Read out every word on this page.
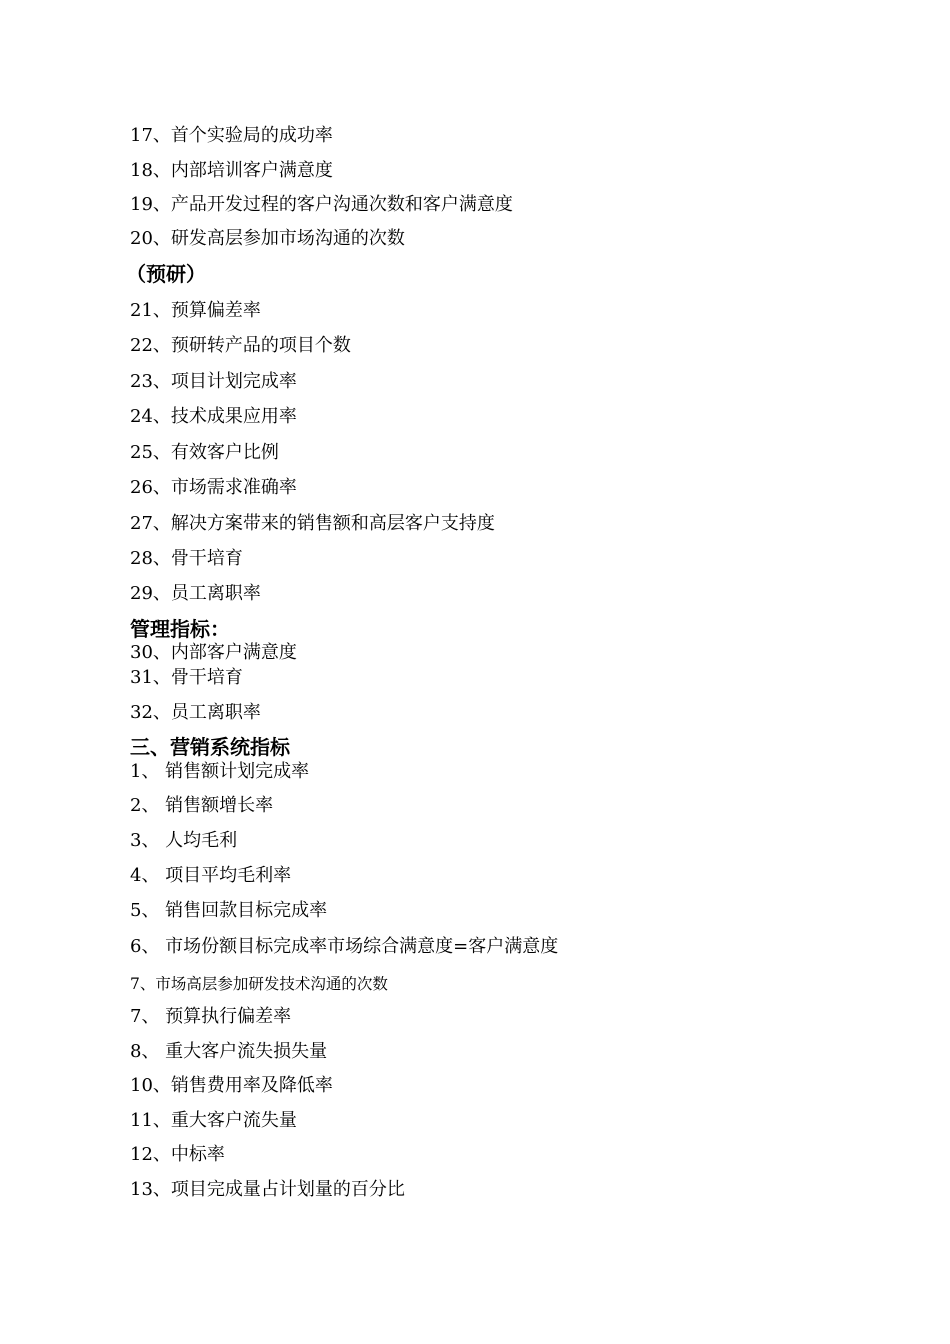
17、首个实验局的成功率
18、内部培训客户满意度
19、产品开发过程的客户沟通次数和客户满意度
20、研发高层参加市场沟通的次数
（预研）
21、预算偏差率
22、预研转产品的项目个数
23、项目计划完成率
24、技术成果应用率
25、有效客户比例
26、市场需求准确率
27、解决方案带来的销售额和高层客户支持度
28、骨干培育
29、员工离职率
管理指标：
30、内部客户满意度
31、骨干培育
32、员工离职率
三、营销系统指标
1、 销售额计划完成率
2、 销售额增长率
3、 人均毛利
4、 项目平均毛利率
5、 销售回款目标完成率
6、 市场份额目标完成率市场综合满意度=客户满意度
7、市场高层参加研发技术沟通的次数
7、 预算执行偏差率
8、 重大客户流失损失量
10、销售费用率及降低率
11、重大客户流失量
12、中标率
13、项目完成量占计划量的百分比
